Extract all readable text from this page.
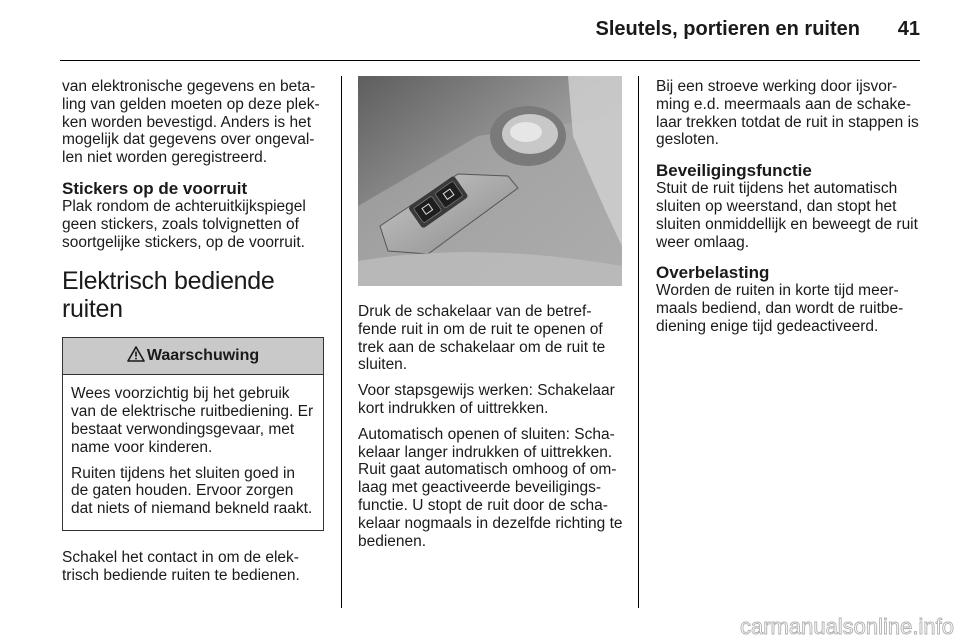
Sleutels, portieren en ruiten	41

van elektronische gegevens en beta-ling van gelden moeten op deze plek-ken worden bevestigd. Anders is het mogelijk dat gegevens over ongeval-len niet worden geregistreerd.

Stickers op de voorruit

Plak rondom de achteruitkijkspiegel geen stickers, zoals tolvignetten of soortgelijke stickers, op de voorruit.

Elektrisch bediende ruiten
Waarschuwing

Wees voorzichtig bij het gebruik van de elektrische ruitbediening. Er bestaat verwondingsgevaar, met name voor kinderen.

Ruiten tijdens het sluiten goed in de gaten houden. Ervoor zorgen dat niets of niemand bekneld raakt.

Schakel het contact in om de elek-trisch bediende ruiten te bedienen.

Druk de schakelaar van de betref-fende ruit in om de ruit te openen of trek aan de schakelaar om de ruit te sluiten.

Voor stapsgewijs werken: Schakelaar kort indrukken of uittrekken.

Automatisch openen of sluiten: Scha-kelaar langer indrukken of uittrekken. Ruit gaat automatisch omhoog of om-laag met geactiveerde beveiligings-functie. U stopt de ruit door de scha-kelaar nogmaals in dezelfde richting te bedienen.

Bij een stroeve werking door ijsvor-ming e.d. meermaals aan de schake-laar trekken totdat de ruit in stappen is gesloten.

Beveiligingsfunctie

Stuit de ruit tijdens het automatisch sluiten op weerstand, dan stopt het sluiten onmiddellijk en beweegt de ruit weer omlaag.

Overbelasting

Worden de ruiten in korte tijd meer-maals bediend, dan wordt de ruitbe-diening enige tijd gedeactiveerd.

carmanualsonline.info
